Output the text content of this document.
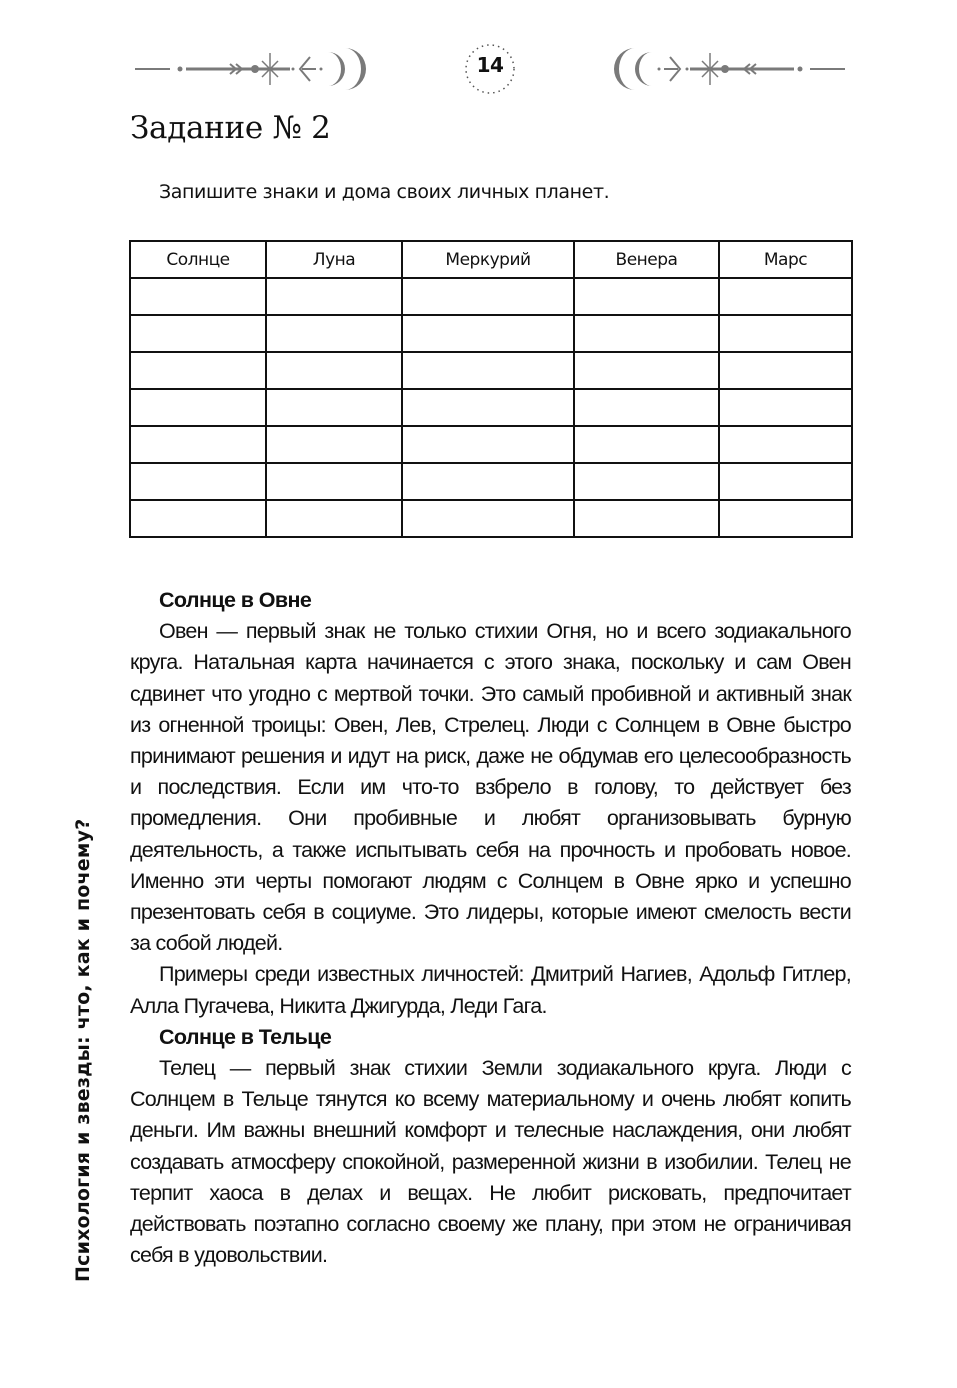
14
Задание № 2
Запишите знаки и дома своих личных планет.
Солнце	Луна	Меркурий	Венера	Марс

Солнце в Овне

Овен — первый знак не только стихии Огня, но и всего зодиакального круга. Натальная карта начинается с этого знака, поскольку и сам Овен сдвинет что угодно с мертвой точки. Это самый пробивной и активный знак из огненной троицы: Овен, Лев, Стрелец. Люди с Солнцем в Овне быстро принимают решения и идут на риск, даже не обдумав его целесообразность и последствия. Если им что-то взбрело в голову, то действует без промедления. Они пробивные и любят организовывать бурную деятельность, а также испытывать себя на прочность и пробовать новое. Именно эти черты помогают людям с Солнцем в Овне ярко и успешно презентовать себя в социуме. Это лидеры, которые имеют смелость вести за собой людей.

Примеры среди известных личностей: Дмитрий Нагиев, Адольф Гитлер, Алла Пугачева, Никита Джигурда, Леди Гага.

Солнце в Тельце

Телец — первый знак стихии Земли зодиакального круга. Люди с Солнцем в Тельце тянутся ко всему материальному и очень любят копить деньги. Им важны внешний комфорт и телесные наслаждения, они любят создавать атмосферу спокойной, размеренной жизни в изобилии. Телец не терпит хаоса в делах и вещах. Не любит рисковать, предпочитает действовать поэтапно согласно своему же плану, при этом не ограничивая себя в удовольствии.

Психология и звезды: что, как и почему?
